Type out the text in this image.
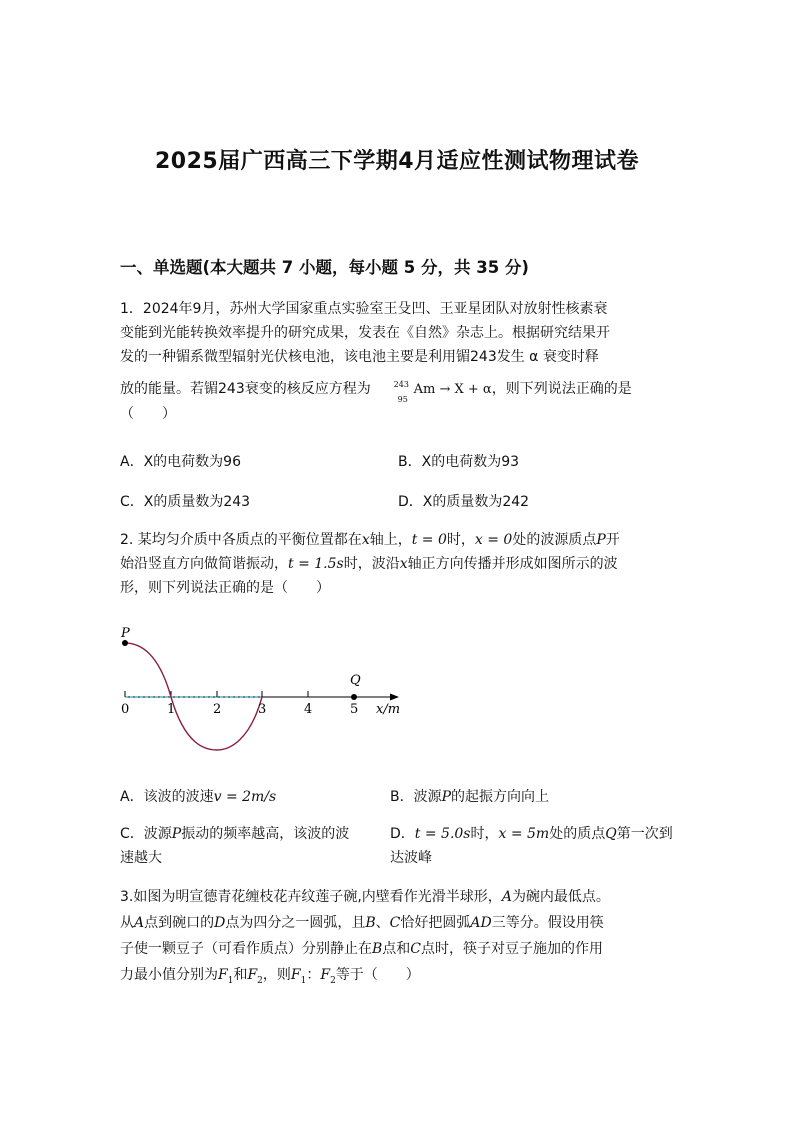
2025届广西高三下学期4月适应性测试物理试卷
一、单选题(本大题共 7 小题，每小题 5 分，共 35 分)
1．2024年9月，苏州大学国家重点实验室王殳凹、王亚星团队对放射性核素衰
变能到光能转换效率提升的研究成果，发表在《自然》杂志上。根据研究结果开
发的一种镅系微型辐射光伏核电池，该电池主要是利用镅243发生 α 衰变时释
放的能量。若镅243衰变的核反应方程为	243
95
Am → X + α，则下列说法正确的是
（　　）
A．X的电荷数为96	B．X的电荷数为93
C．X的质量数为243	D．X的质量数为242
2. 某均匀介质中各质点的平衡位置都在x轴上，t = 0时，x = 0处的波源质点P开
始沿竖直方向做简谐振动，t = 1.5s时，波沿x轴正方向传播并形成如图所示的波
形，则下列说法正确的是（　　）
P
Q
0	1	2	3	4	5 x/m
A．该波的波速v = 2m/s	B．波源P的起振方向向上
C．波源P振动的频率越高，该波的波
速越大
D．t = 5.0s时，x = 5m处的质点Q第一次到
达波峰
3.如图为明宣德青花缠枝花卉纹莲子碗,内壁看作光滑半球形，A为碗内最低点。
从A点到碗口的D点为四分之一圆弧，且B、C恰好把圆弧AD三等分。假设用筷
子使一颗豆子（可看作质点）分别静止在B点和C点时，筷子对豆子施加的作用
力最小值分别为$F_1$和$F_2$，则$F_1$：$F_2$等于（　　）
